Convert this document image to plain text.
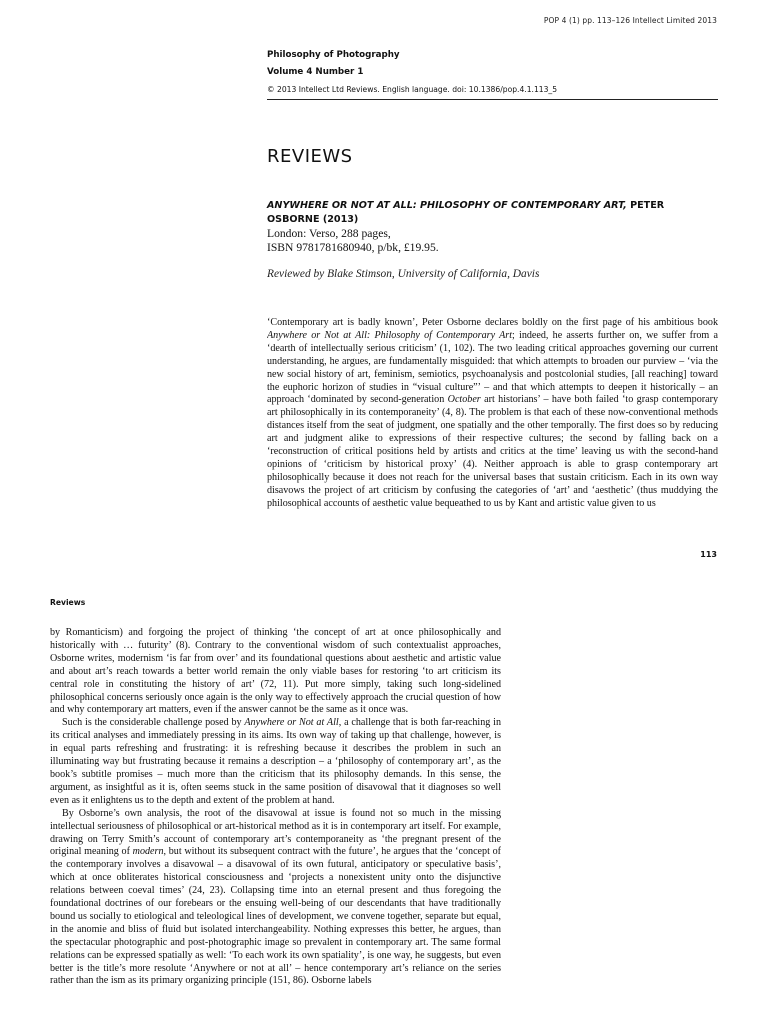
POP 4 (1) pp. 113–126 Intellect Limited 2013
Philosophy of Photography
Volume 4 Number 1
© 2013 Intellect Ltd Reviews. English language. doi: 10.1386/pop.4.1.113_5
REVIEWS
ANYWHERE OR NOT AT ALL: PHILOSOPHY OF CONTEMPORARY ART, PETER OSBORNE (2013)
London: Verso, 288 pages,
ISBN 9781781680940, p/bk, £19.95.
Reviewed by Blake Stimson, University of California, Davis

‘Contemporary art is badly known’, Peter Osborne declares boldly on the first page of his ambitious book Anywhere or Not at All: Philosophy of Contemporary Art; indeed, he asserts further on, we suffer from a ‘dearth of intellectually serious criticism’ (1, 102). The two leading critical approaches governing our current understanding, he argues, are fundamentally misguided: that which attempts to broaden our purview – ‘via the new social history of art, feminism, semiotics, psychoanalysis and postcolonial studies, [all reaching] toward the euphoric horizon of studies in “visual culture”’ – and that which attempts to deepen it historically – an approach ‘dominated by second-generation October art historians’ – have both failed ‘to grasp contemporary art philosophically in its contemporaneity’ (4, 8). The problem is that each of these now-conventional methods distances itself from the seat of judgment, one spatially and the other temporally. The first does so by reducing art and judgment alike to expressions of their respective cultures; the second by falling back on a ‘reconstruction of critical positions held by artists and critics at the time’ leaving us with the second-hand opinions of ‘criticism by historical proxy’ (4). Neither approach is able to grasp contemporary art philosophically because it does not reach for the universal bases that sustain criticism. Each in its own way disavows the project of art criticism by confusing the categories of ‘art’ and ‘aesthetic’ (thus muddying the philosophical accounts of aesthetic value bequeathed to us by Kant and artistic value given to us

113
Reviews

by Romanticism) and forgoing the project of thinking ‘the concept of art at once philosophically and historically with … futurity’ (8). Contrary to the conventional wisdom of such contextualist approaches, Osborne writes, modernism ‘is far from over’ and its foundational questions about aesthetic and artistic value and about art’s reach towards a better world remain the only viable bases for restoring ‘to art criticism its central role in constituting the history of art’ (72, 11). Put more simply, taking such long-sidelined philosophical concerns seriously once again is the only way to effectively approach the crucial question of how and why contemporary art matters, even if the answer cannot be the same as it once was.

Such is the considerable challenge posed by Anywhere or Not at All, a challenge that is both far-reaching in its critical analyses and immediately pressing in its aims. Its own way of taking up that challenge, however, is in equal parts refreshing and frustrating: it is refreshing because it describes the problem in such an illuminating way but frustrating because it remains a description – a ‘philosophy of contemporary art’, as the book’s subtitle promises – much more than the criticism that its philosophy demands. In this sense, the argument, as insightful as it is, often seems stuck in the same position of disavowal that it diagnoses so well even as it enlightens us to the depth and extent of the problem at hand.

By Osborne’s own analysis, the root of the disavowal at issue is found not so much in the missing intellectual seriousness of philosophical or art-historical method as it is in contemporary art itself. For example, drawing on Terry Smith’s account of contemporary art’s contemporaneity as ‘the pregnant present of the original meaning of modern, but without its subsequent contract with the future’, he argues that the ‘concept of the contemporary involves a disavowal – a disavowal of its own futural, anticipatory or speculative basis’, which at once obliterates historical consciousness and ‘projects a nonexistent unity onto the disjunctive relations between coeval times’ (24, 23). Collapsing time into an eternal present and thus foregoing the foundational doctrines of our forebears or the ensuing well-being of our descendants that have traditionally bound us socially to etiological and teleological lines of development, we convene together, separate but equal, in the anomie and bliss of fluid but isolated interchangeability. Nothing expresses this better, he argues, than the spectacular photographic and post-photographic image so prevalent in contemporary art. The same formal relations can be expressed spatially as well: ‘To each work its own spatiality’, is one way, he suggests, but even better is the title’s more resolute ‘Anywhere or not at all’ – hence contemporary art’s reliance on the series rather than the ism as its primary organizing principle (151, 86). Osborne labels
